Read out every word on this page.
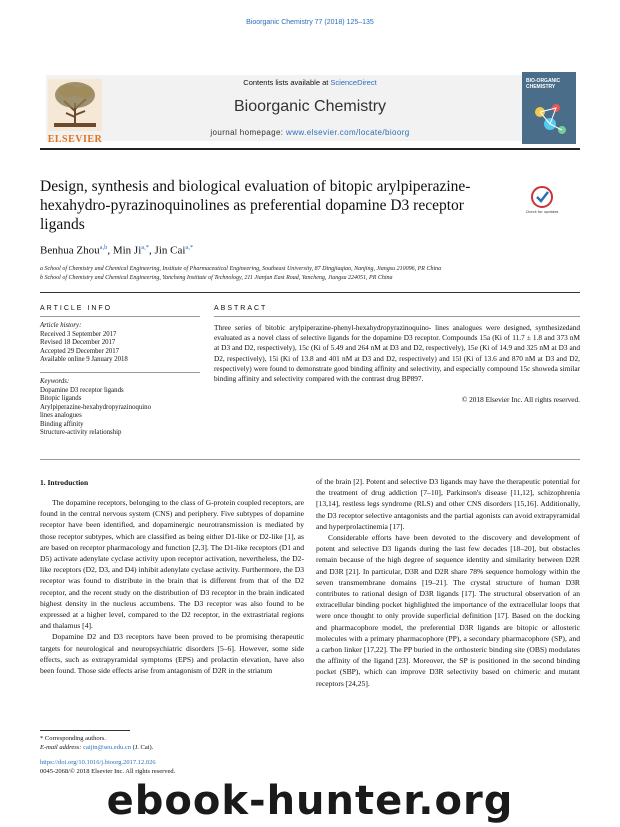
Bioorganic Chemistry 77 (2018) 125–135
ELSEVIER
Contents lists available at ScienceDirect
Bioorganic Chemistry
journal homepage: www.elsevier.com/locate/bioorg
BIO-ORGANIC CHEMISTRY
Design, synthesis and biological evaluation of bitopic arylpiperazine-hexahydro-pyrazinoquinolines as preferential dopamine D3 receptor ligands
Check for updates
Benhua Zhou$^{a,b}$, Min $Ji^{a,*}$, Jin Cai$^{a,*}$
a School of Chemistry and Chemical Engineering, Institute of Pharmaceutical Engineering, Southeast University, 87 Dingjiaqiao, Nanjing, Jiangsu 210096, PR China
b School of Chemistry and Chemical Engineering, Yancheng Institute of Technology, 211 Jianjun East Road, Yancheng, Jiangsu 224051, PR China
ARTICLE INFO	ABSTRACT
Article history:
Received 3 September 2017
Revised 18 December 2017
Accepted 29 December 2017
Available online 9 January 2018
Keywords:
Dopamine D3 receptor ligands
Bitopic ligands
Arylpiperazine-hexahydropyrazinoquino
lines analogues
Binding affinity
Structure-activity relationship
Three series of bitobic arylpiperazine-phenyl-hexahydropyrazinoquino- lines analogues were designed, synthesizedand evaluated as a novel class of selective ligands for the dopamine D3 receptor. Compounds 15a (Ki of 11.7 ± 1.8 and 373 nM at D3 and D2, respectively), 15c (Ki of 5.49 and 264 nM at D3 and D2, respectively), 15e (Ki of 14.9 and 325 nM at D3 and D2, respectively), 15i (Ki of 13.8 and 401 nM at D3 and D2, respectively) and 15l (Ki of 13.6 and 870 nM at D3 and D2, respectively) were found to demonstrate good binding affinity and selectivity, and especially compound 15c showeda similar binding affinity and selectivity compared with the contrast drug BP897.
© 2018 Elsevier Inc. All rights reserved.
1. Introduction

The dopamine receptors, belonging to the class of G-protein coupled receptors, are found in the central nervous system (CNS) and periphery. Five subtypes of dopamine receptor have been identified, and dopaminergic neurotransmission is mediated by those receptor subtypes, which are classified as being either D1-like or D2-like [1], as are based on receptor pharmacology and function [2,3]. The D1-like receptors (D1 and D5) activate adenylate cyclase activity upon receptor activation, nevertheless, the D2-like receptors (D2, D3, and D4) inhibit adenylate cyclase activity. Furthermore, the D3 receptor was found to distribute in the brain that is different from that of the D2 receptor, and the recent study on the distribution of D3 receptor in the brain indicated highest density in the nucleus accumbens. The D3 receptor was also found to be expressed at a higher level, compared to the D2 receptor, in the extrastriatal regions and thalamus [4].

Dopamine D2 and D3 receptors have been proved to be promising therapeutic targets for neurological and neuropsychiatric disorders [5–6]. However, some side effects, such as extrapyramidal symptoms (EPS) and prolactin elevation, have also been found. Those side effects arise from antagonism of D2R in the striatum

of the brain [2]. Potent and selective D3 ligands may have the therapeutic potential for the treatment of drug addiction [7–10], Parkinson's disease [11,12], schizophrenia [13,14], restless legs syndrome (RLS) and other CNS disorders [15,16]. Additionally, the D3 receptor selective antagonists and the partial agonists can avoid extrapyramidal and hyperprolactinemia [17].

Considerable efforts have been devoted to the discovery and development of potent and selective D3 ligands during the last few decades [18–20], but obstacles remain because of the high degree of sequence identity and similarity between D2R and D3R [21]. In particular, D3R and D2R share 78% sequence homology within the seven transmembrane domains [19–21]. The crystal structure of human D3R contributes to rational design of D3R ligands [17]. The structural observation of an extracellular binding pocket highlighted the importance of the extracellular loops that were once thought to only provide superficial definition [17]. Based on the docking and pharmacophore model, the preferential D3R ligands are bitopic or allosteric molecules with a primary pharmacophore (PP), a secondary pharmacophore (SP), and a carbon linker [17,22]. The PP buried in the orthosteric binding site (OBS) modulates the affinity of the ligand [23]. Moreover, the SP is positioned in the second binding pocket (SBP), which can improve D3R selectivity based on chimeric and mutant receptors [24,25].

* Corresponding authors.
E-mail address: caijin@seu.edu.cn (J. Cai).
https://doi.org/10.1016/j.bioorg.2017.12.026
0045-2068/© 2018 Elsevier Inc. All rights reserved.
ebook-hunter.org
